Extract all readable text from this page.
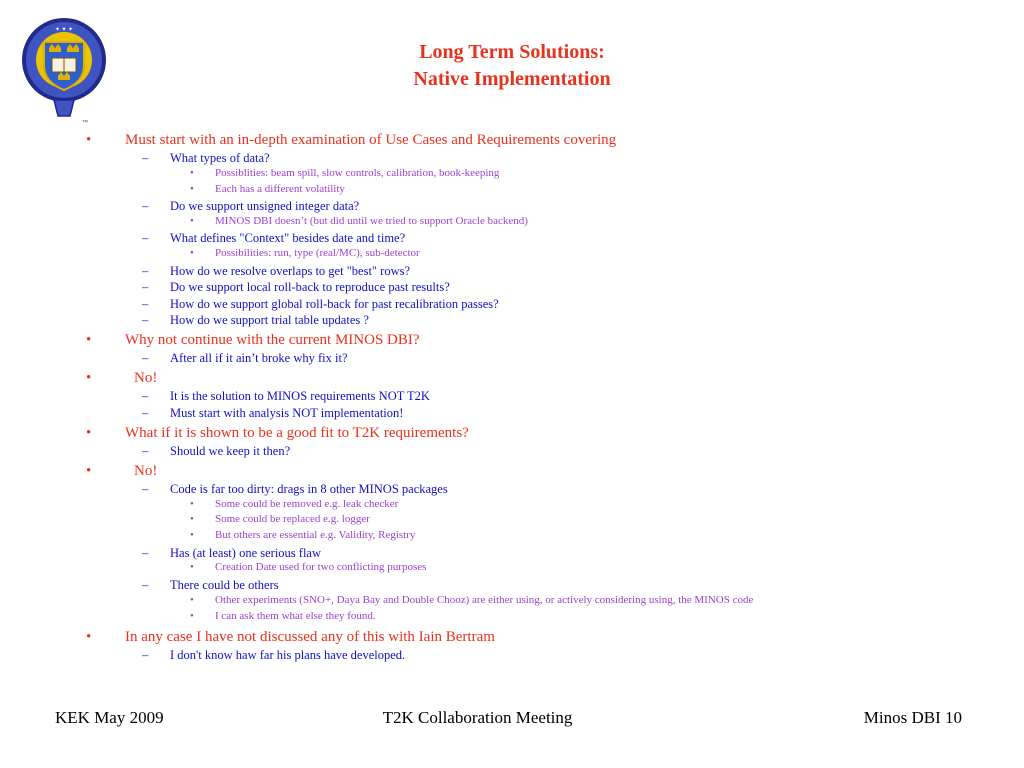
✦ ✦ ✦
™
Long Term Solutions:
Native Implementation
• Must start with an in-depth examination of Use Cases and Requirements covering
– What types of data?
• Possiblities: beam spill, slow controls, calibration, book-keeping
• Each has a different volatility
– Do we support unsigned integer data?
• MINOS DBI doesn’t (but did until we tried to support Oracle backend)
– What defines "Context" besides date and time?
• Possibilities: run, type (real/MC), sub-detector
– How do we resolve overlaps to get "best" rows?
– Do we support local roll-back to reproduce past results?
– How do we support global roll-back for past recalibration passes?
– How do we support trial table updates ?
• Why not continue with the current MINOS DBI?
– After all if it ain’t broke why fix it?
•	No!
– It is the solution to MINOS requirements NOT T2K
– Must start with analysis NOT implementation!
• What if it is shown to be a good fit to T2K requirements?
– Should we keep it then?
•	No!
– Code is far too dirty: drags in 8 other MINOS packages
• Some could be removed e.g. leak checker
• Some could be replaced e.g. logger
• But others are essential e.g. Validity, Registry
– Has (at least) one serious flaw
• Creation Date used for two conflicting purposes
– There could be others
• Other experiments (SNO+, Daya Bay and Double Chooz) are either using, or actively considering using, the MINOS code
• I can ask them what else they found.
• In any case I have not discussed any of this with Iain Bertram
– I don't know haw far his plans have developed.
KEK May 2009	T2K Collaboration Meeting	Minos DBI 10
